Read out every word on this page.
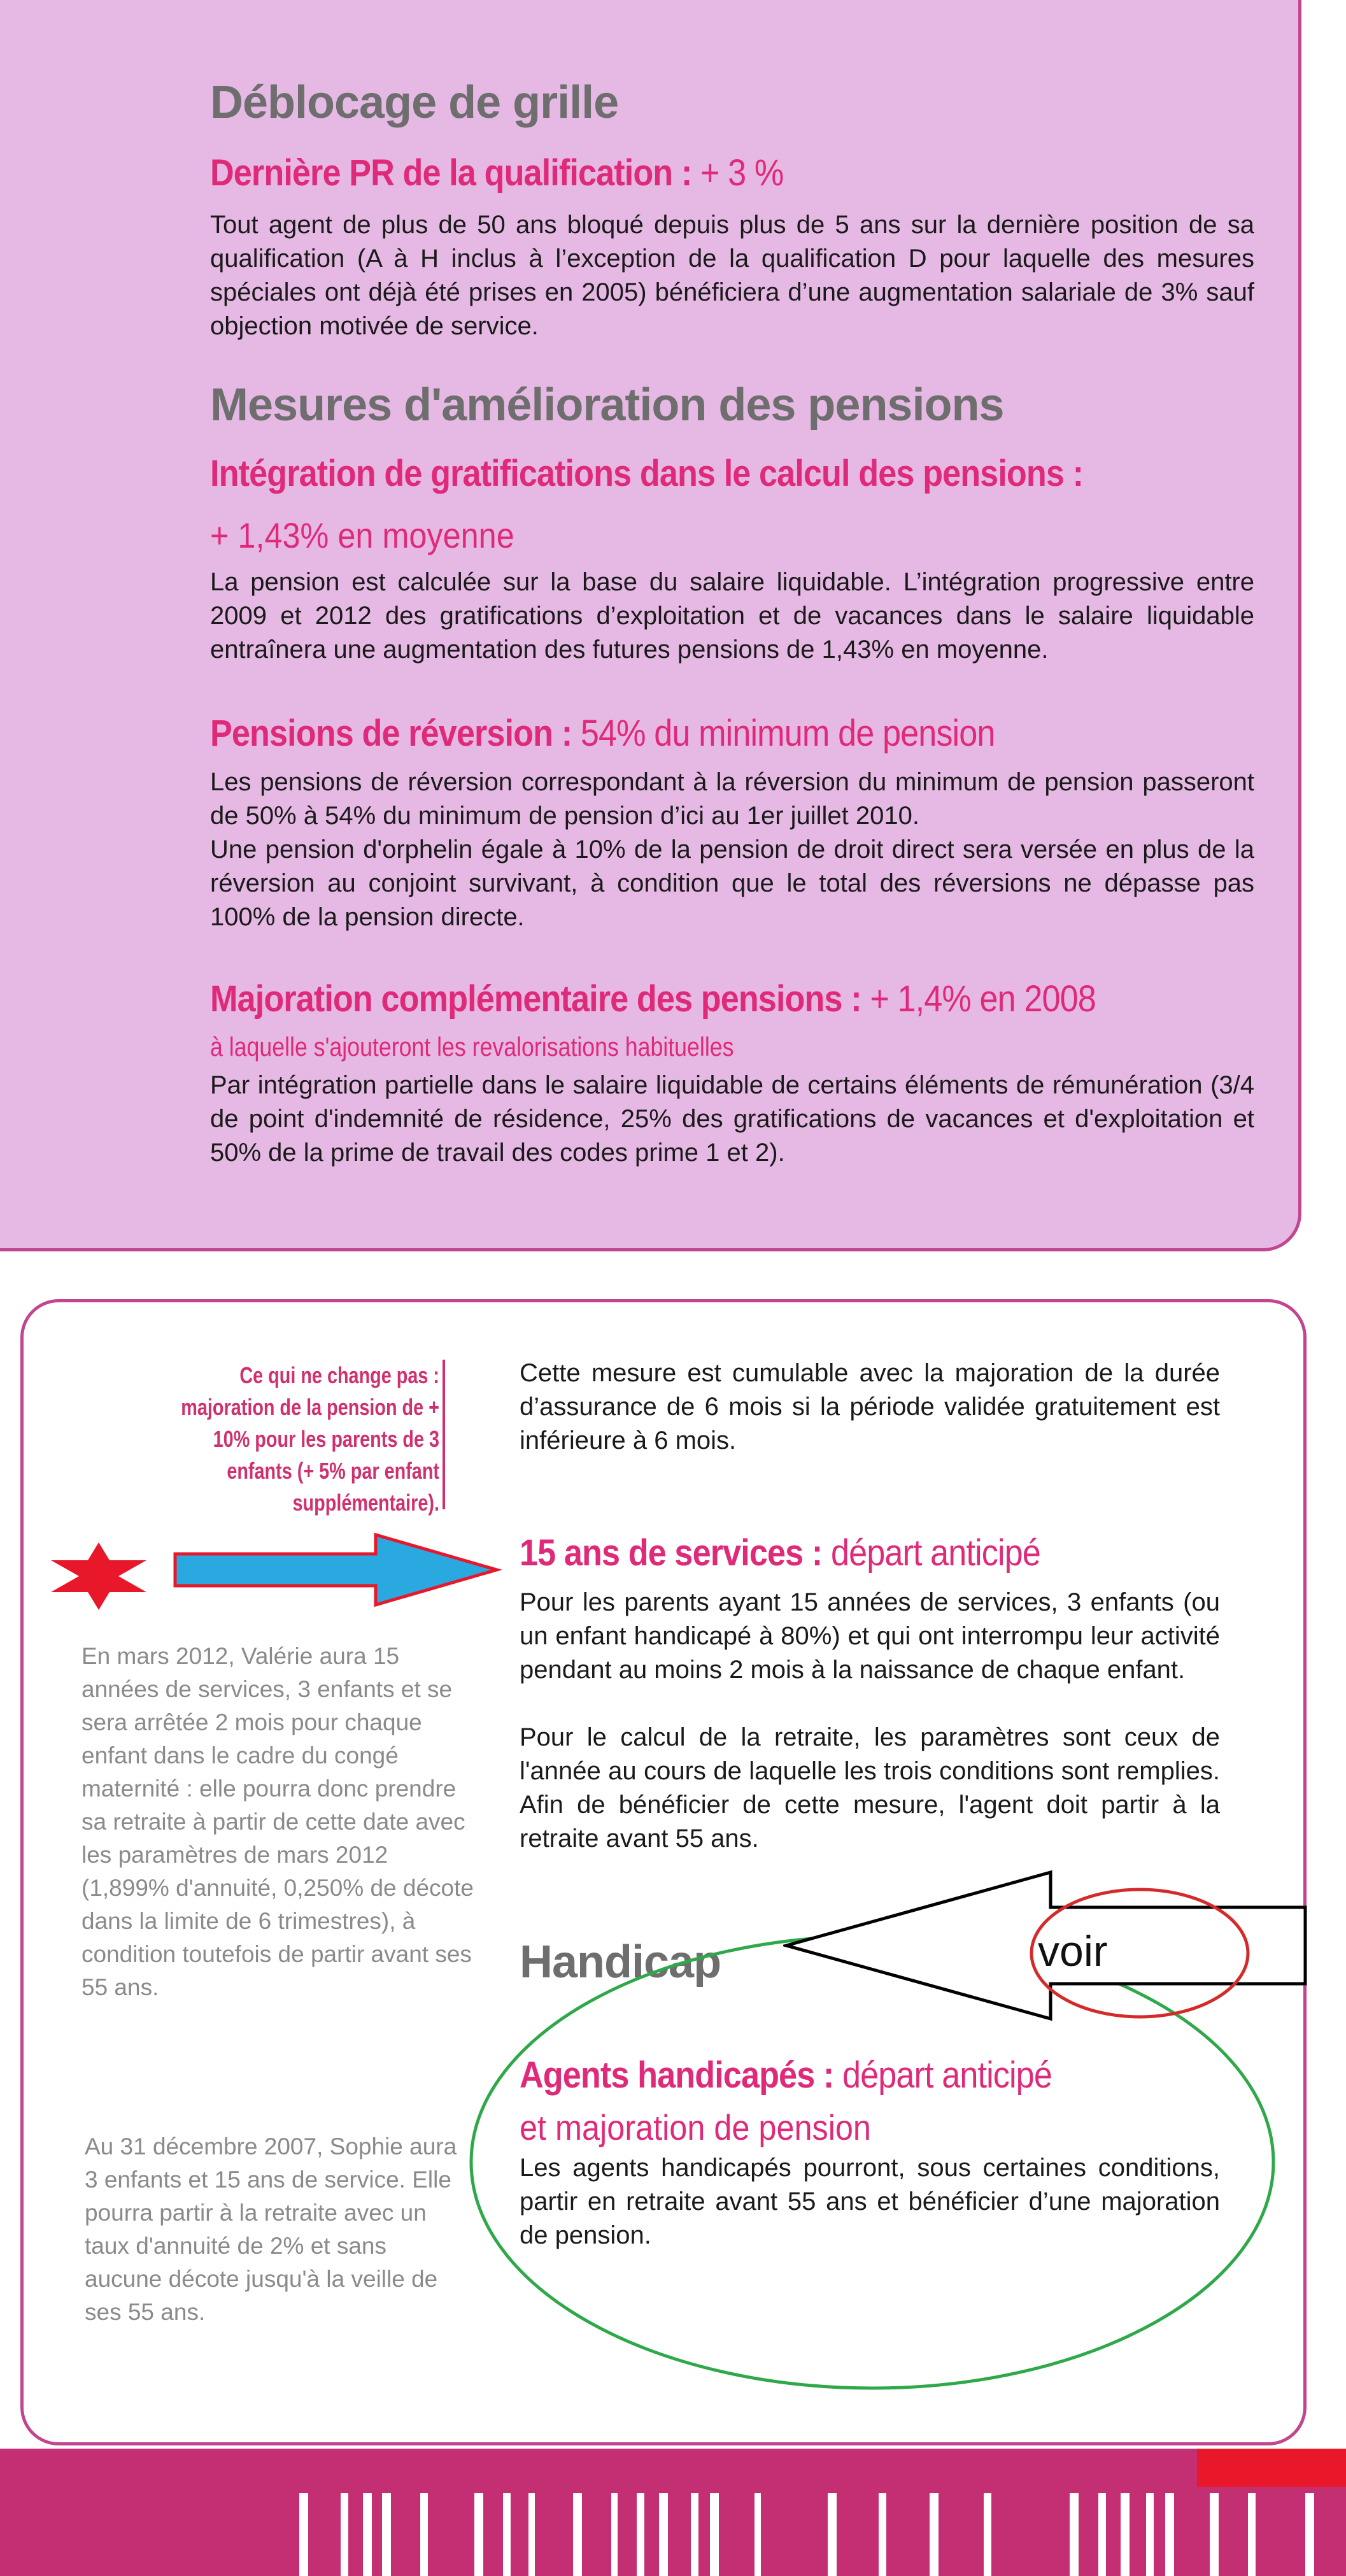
Déblocage de grille
Dernière PR de la qualification : + 3 %
Tout agent de plus de 50 ans bloqué depuis plus de 5 ans sur la dernière position de sa qualification (A à H inclus à l’exception de la qualification D pour laquelle des mesures spéciales ont déjà été prises en 2005) bénéficiera d’une augmentation salariale de 3% sauf objection motivée de service.
Mesures d'amélioration des pensions
Intégration de gratifications dans le calcul des pensions :
+ 1,43% en moyenne
La pension est calculée sur la base du salaire liquidable. L’intégration progressive entre 2009 et 2012 des gratifications d’exploitation et de vacances dans le salaire liquidable entraînera une augmentation des futures pensions de 1,43% en moyenne.
Pensions de réversion : 54% du minimum de pension
Les pensions de réversion correspondant à la réversion du minimum de pension passeront de 50% à 54% du minimum de pension d’ici au 1er juillet 2010.
Une pension d'orphelin égale à 10% de la pension de droit direct sera versée en plus de la réversion au conjoint survivant, à condition que le total des réversions ne dépasse pas 100% de la pension directe.
Majoration complémentaire des pensions : + 1,4% en 2008
à laquelle s'ajouteront les revalorisations habituelles
Par intégration partielle dans le salaire liquidable de certains éléments de rémunération (3/4 de point d'indemnité de résidence, 25% des gratifications de vacances et d'exploitation et 50% de la prime de travail des codes prime 1 et 2).
Ce qui ne change pas : majoration de la pension de + 10% pour les parents de 3 enfants (+ 5% par enfant supplémentaire).
Cette mesure est cumulable avec la majoration de la durée d’assurance de 6 mois si la période validée gratuitement est inférieure à 6 mois.
15 ans de services : départ anticipé
Pour les parents ayant 15 années de services, 3 enfants (ou un enfant handicapé à 80%) et qui ont interrompu leur activité pendant au moins 2 mois à la naissance de chaque enfant.
Pour le calcul de la retraite, les paramètres sont ceux de l'année au cours de laquelle les trois conditions sont remplies. Afin de bénéficier de cette mesure, l'agent doit partir à la retraite avant 55 ans.
En mars 2012, Valérie aura 15 années de services, 3 enfants et se sera arrêtée 2 mois pour chaque enfant dans le cadre du congé maternité : elle pourra donc prendre sa retraite à partir de cette date avec les paramètres de mars 2012 (1,899% d'annuité, 0,250% de décote dans la limite de 6 trimestres), à condition toutefois de partir avant ses 55 ans.	Handicap	voir
Agents handicapés : départ anticipé
et majoration de pension
Les agents handicapés pourront, sous certaines conditions, partir en retraite avant 55 ans et bénéficier d’une majoration de pension.
Au 31 décembre 2007, Sophie aura 3 enfants et 15 ans de service. Elle pourra partir à la retraite avec un taux d'annuité de 2% et sans aucune décote jusqu'à la veille de ses 55 ans.
